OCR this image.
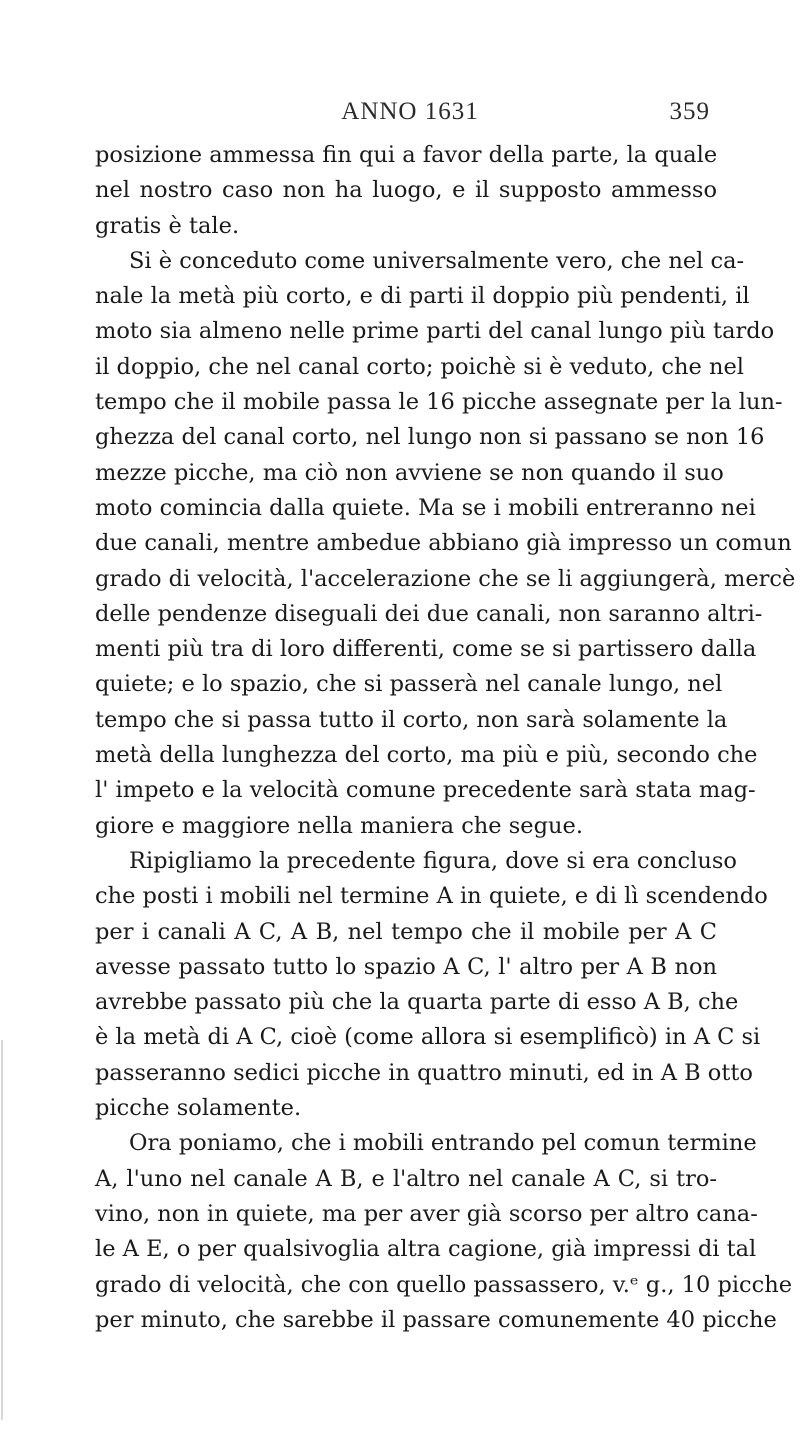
ANNO 1631	359
posizione ammessa fin qui a favor della parte, la quale
nel nostro caso non ha luogo, e il supposto ammesso
gratis è tale.
Si è conceduto come universalmente vero, che nel ca-
nale la metà più corto, e di parti il doppio più pendenti, il
moto sia almeno nelle prime parti del canal lungo più tardo
il doppio, che nel canal corto; poichè si è veduto, che nel
tempo che il mobile passa le 16 picche assegnate per la lun-
ghezza del canal corto, nel lungo non si passano se non 16
mezze picche, ma ciò non avviene se non quando il suo
moto comincia dalla quiete. Ma se i mobili entreranno nei
due canali, mentre ambedue abbiano già impresso un comun
grado di velocità, l'accelerazione che se li aggiungerà, mercè
delle pendenze diseguali dei due canali, non saranno altri-
menti più tra di loro differenti, come se si partissero dalla
quiete; e lo spazio, che si passerà nel canale lungo, nel
tempo che si passa tutto il corto, non sarà solamente la
metà della lunghezza del corto, ma più e più, secondo che
l' impeto e la velocità comune precedente sarà stata mag-
giore e maggiore nella maniera che segue.
Ripigliamo la precedente figura, dove si era concluso
che posti i mobili nel termine A in quiete, e di lì scendendo
per i canali A C, A B, nel tempo che il mobile per A C
avesse passato tutto lo spazio A C, l' altro per A B non
avrebbe passato più che la quarta parte di esso A B, che
è la metà di A C, cioè (come allora si esemplificò) in A C si
passeranno sedici picche in quattro minuti, ed in A B otto
picche solamente.
Ora poniamo, che i mobili entrando pel comun termine
A, l'uno nel canale A B, e l'altro nel canale A C, si tro-
vino, non in quiete, ma per aver già scorso per altro cana-
le A E, o per qualsivoglia altra cagione, già impressi di tal
grado di velocità, che con quello passassero, v.ᵉ g., 10 picche
per minuto, che sarebbe il passare comunemente 40 picche
